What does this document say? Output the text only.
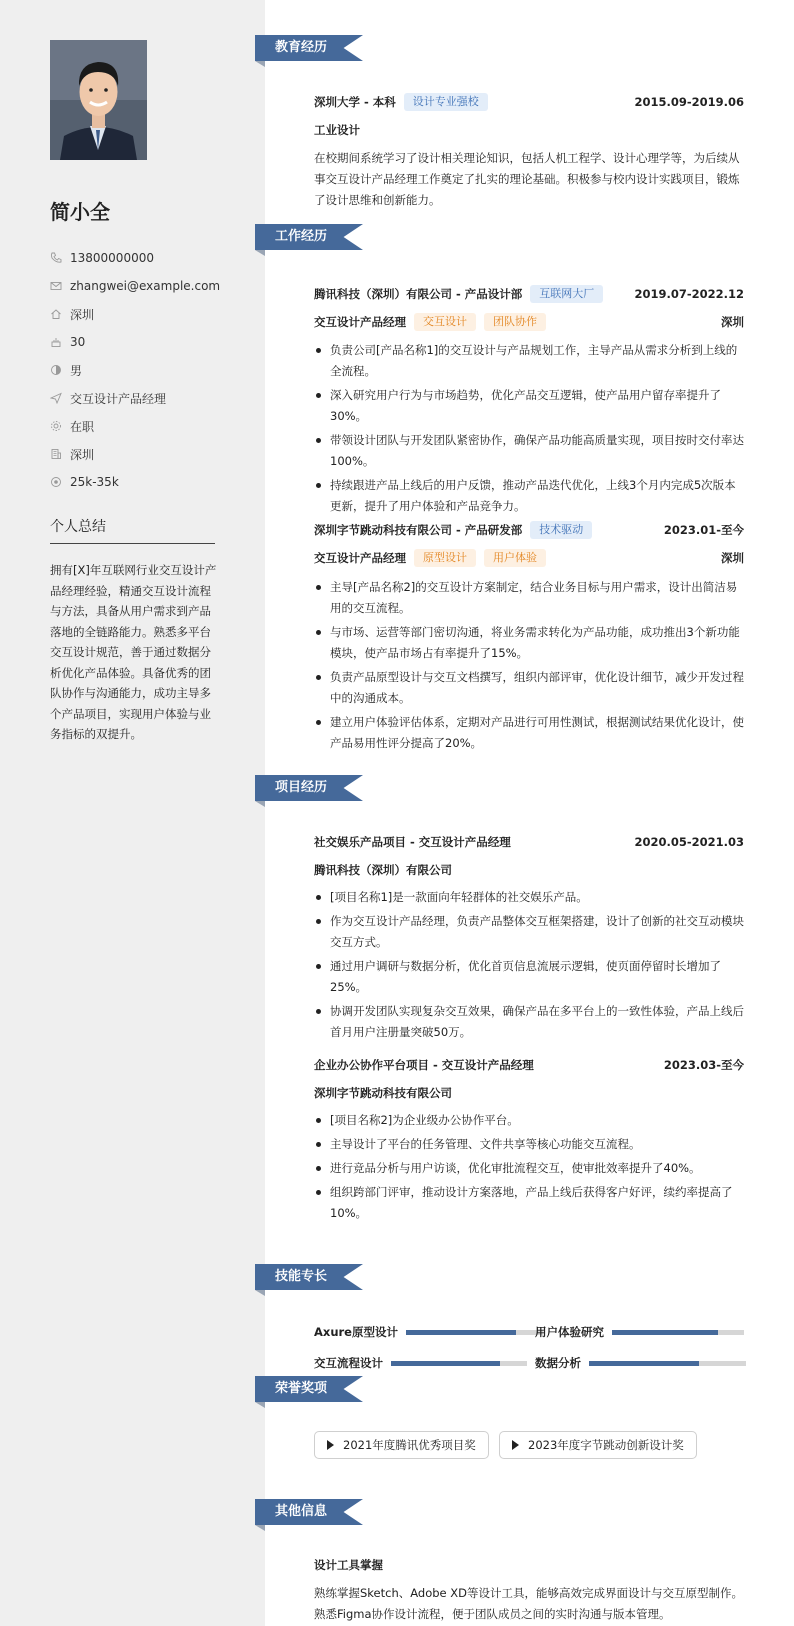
简小全
13800000000
zhangwei@example.com
深圳
30
男
交互设计产品经理
在职
深圳
25k-35k
个人总结
拥有[X]年互联网行业交互设计产品经理经验，精通交互设计流程与方法，具备从用户需求到产品落地的全链路能力。熟悉多平台交互设计规范，善于通过数据分析优化产品体验。具备优秀的团队协作与沟通能力，成功主导多个产品项目，实现用户体验与业务指标的双提升。
教育经历
深圳大学 - 本科	设计专业强校	2015.09-2019.06
工业设计
在校期间系统学习了设计相关理论知识，包括人机工程学、设计心理学等，为后续从事交互设计产品经理工作奠定了扎实的理论基础。积极参与校内设计实践项目，锻炼了设计思维和创新能力。
工作经历
腾讯科技（深圳）有限公司 - 产品设计部	互联网大厂	2019.07-2022.12
交互设计产品经理	交互设计	团队协作	深圳
负责公司[产品名称1]的交互设计与产品规划工作，主导产品从需求分析到上线的全流程。
深入研究用户行为与市场趋势，优化产品交互逻辑，使产品用户留存率提升了30%。
带领设计团队与开发团队紧密协作，确保产品功能高质量实现，项目按时交付率达100%。
持续跟进产品上线后的用户反馈，推动产品迭代优化，上线3个月内完成5次版本更新，提升了用户体验和产品竞争力。
深圳字节跳动科技有限公司 - 产品研发部	技术驱动	2023.01-至今
交互设计产品经理	原型设计	用户体验	深圳
主导[产品名称2]的交互设计方案制定，结合业务目标与用户需求，设计出简洁易用的交互流程。
与市场、运营等部门密切沟通，将业务需求转化为产品功能，成功推出3个新功能模块，使产品市场占有率提升了15%。
负责产品原型设计与交互文档撰写，组织内部评审，优化设计细节，减少开发过程中的沟通成本。
建立用户体验评估体系，定期对产品进行可用性测试，根据测试结果优化设计，使产品易用性评分提高了20%。
项目经历
社交娱乐产品项目 - 交互设计产品经理	2020.05-2021.03
腾讯科技（深圳）有限公司
[项目名称1]是一款面向年轻群体的社交娱乐产品。
作为交互设计产品经理，负责产品整体交互框架搭建，设计了创新的社交互动模块交互方式。
通过用户调研与数据分析，优化首页信息流展示逻辑，使页面停留时长增加了25%。
协调开发团队实现复杂交互效果，确保产品在多平台上的一致性体验，产品上线后首月用户注册量突破50万。
企业办公协作平台项目 - 交互设计产品经理	2023.03-至今
深圳字节跳动科技有限公司
[项目名称2]为企业级办公协作平台。
主导设计了平台的任务管理、文件共享等核心功能交互流程。
进行竞品分析与用户访谈，优化审批流程交互，使审批效率提升了40%。
组织跨部门评审，推动设计方案落地，产品上线后获得客户好评，续约率提高了10%。
技能专长
Axure原型设计	用户体验研究
交互流程设计	数据分析
荣誉奖项
2021年度腾讯优秀项目奖	2023年度字节跳动创新设计奖
其他信息
设计工具掌握
熟练掌握Sketch、Adobe XD等设计工具，能够高效完成界面设计与交互原型制作。熟悉Figma协作设计流程，便于团队成员之间的实时沟通与版本管理。
